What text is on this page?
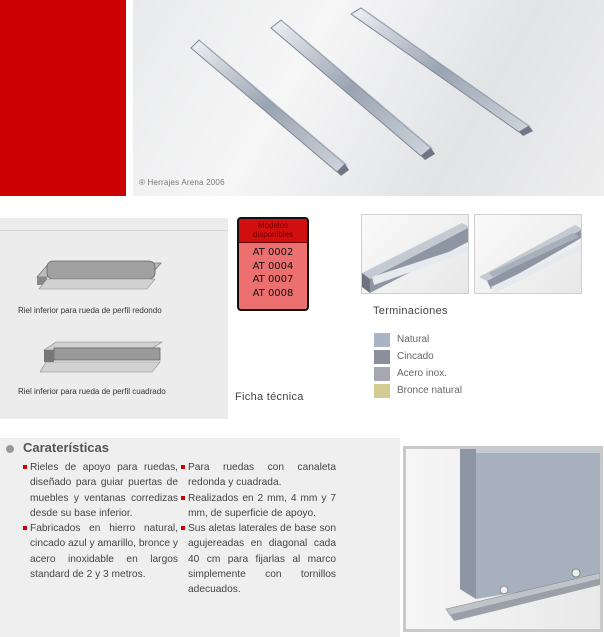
® Herrajes Arena 2006
Riel inferior para rueda de perfil redondo
Riel inferior para rueda de perfil cuadrado
Modelos disponibles
AT 0002
AT 0004
AT 0007
AT 0008
Ficha técnica
Terminaciones
Natural
Cincado
Acero inox.
Bronce natural
Caraterísticas

Rieles de apoyo para ruedas, diseñado para guiar puertas de muebles y ventanas corredizas desde su base inferior.

Fabricados en hierro natural, cincado azul y amarillo, bronce y acero inoxidable en largos standard de 2 y 3 metros.

Para ruedas con canaleta redonda y cuadrada.

Realizados en 2 mm, 4 mm y 7 mm, de superficie de apoyo.

Sus aletas laterales de base son agujereadas en diagonal cada 40 cm para fijarlas al marco simplemente con tornillos adecuados.
